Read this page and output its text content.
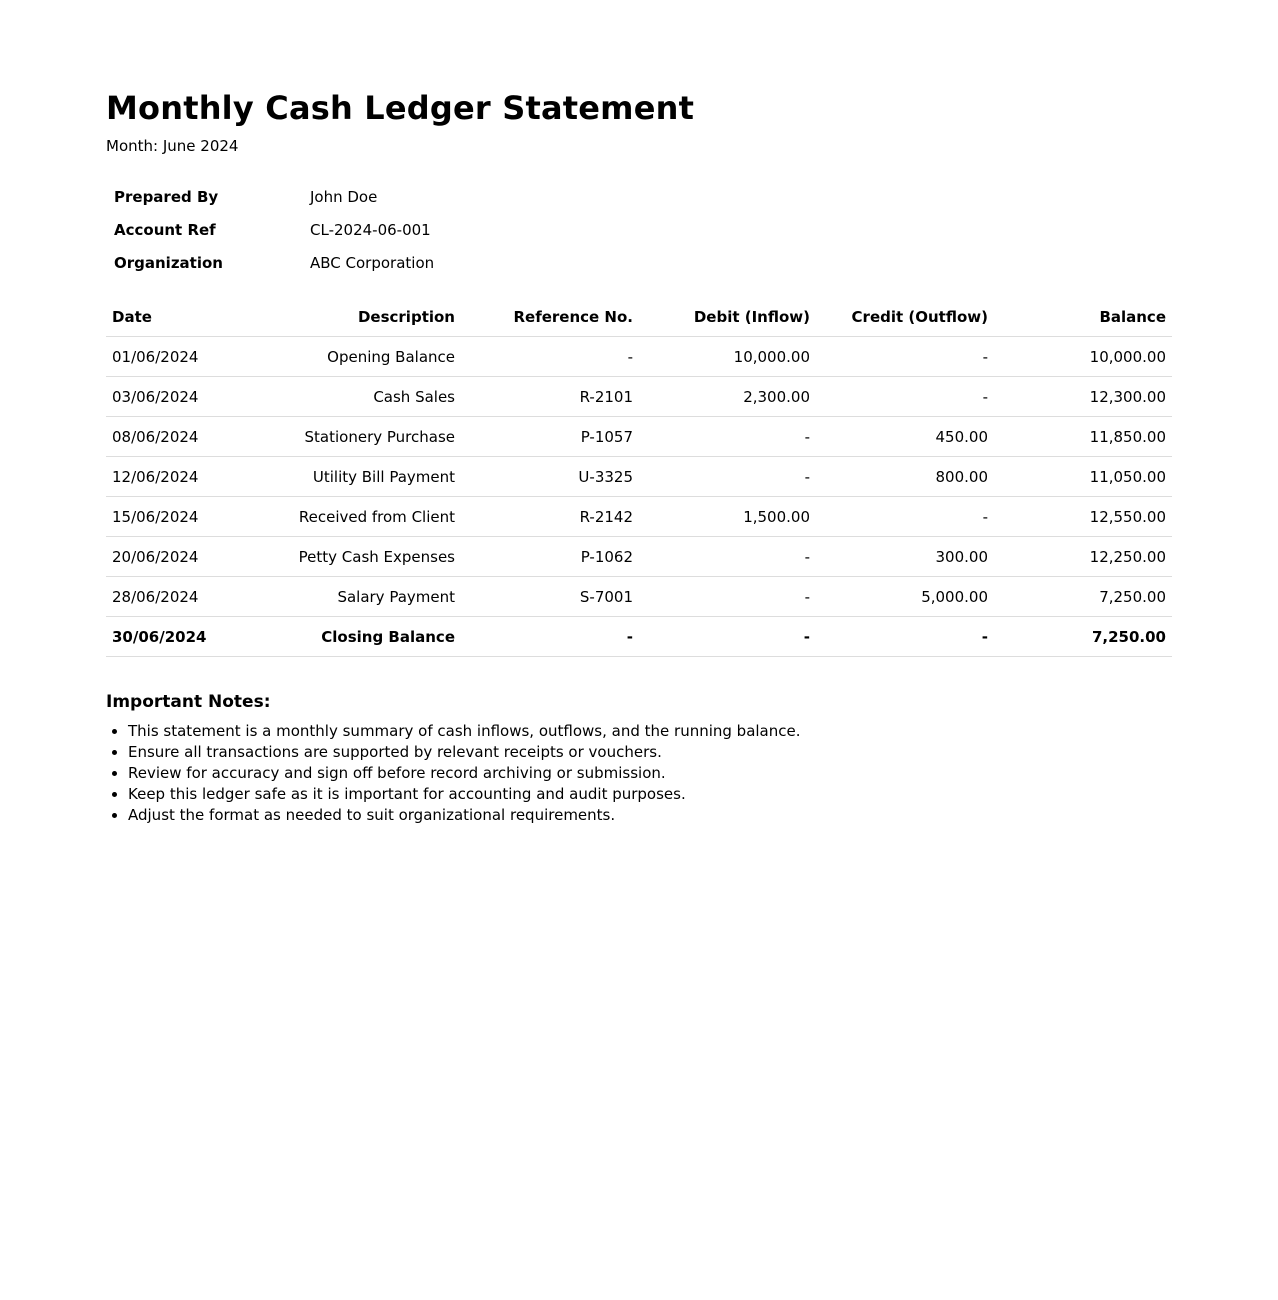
Monthly Cash Ledger Statement
Month: June 2024
Prepared By	John Doe
Account Ref	CL-2024-06-001
Organization	ABC Corporation
Date	Description	Reference No.	Debit (Inflow)	Credit (Outflow)	Balance
01/06/2024	Opening Balance	-	10,000.00	-	10,000.00
03/06/2024	Cash Sales	R-2101	2,300.00	-	12,300.00
08/06/2024	Stationery Purchase	P-1057	-	450.00	11,850.00
12/06/2024	Utility Bill Payment	U-3325	-	800.00	11,050.00
15/06/2024	Received from Client	R-2142	1,500.00	-	12,550.00
20/06/2024	Petty Cash Expenses	P-1062	-	300.00	12,250.00
28/06/2024	Salary Payment	S-7001	-	5,000.00	7,250.00
30/06/2024	Closing Balance	-	-	-	7,250.00
Important Notes:
• This statement is a monthly summary of cash inflows, outflows, and the running balance.
• Ensure all transactions are supported by relevant receipts or vouchers.
• Review for accuracy and sign off before record archiving or submission.
• Keep this ledger safe as it is important for accounting and audit purposes.
• Adjust the format as needed to suit organizational requirements.
